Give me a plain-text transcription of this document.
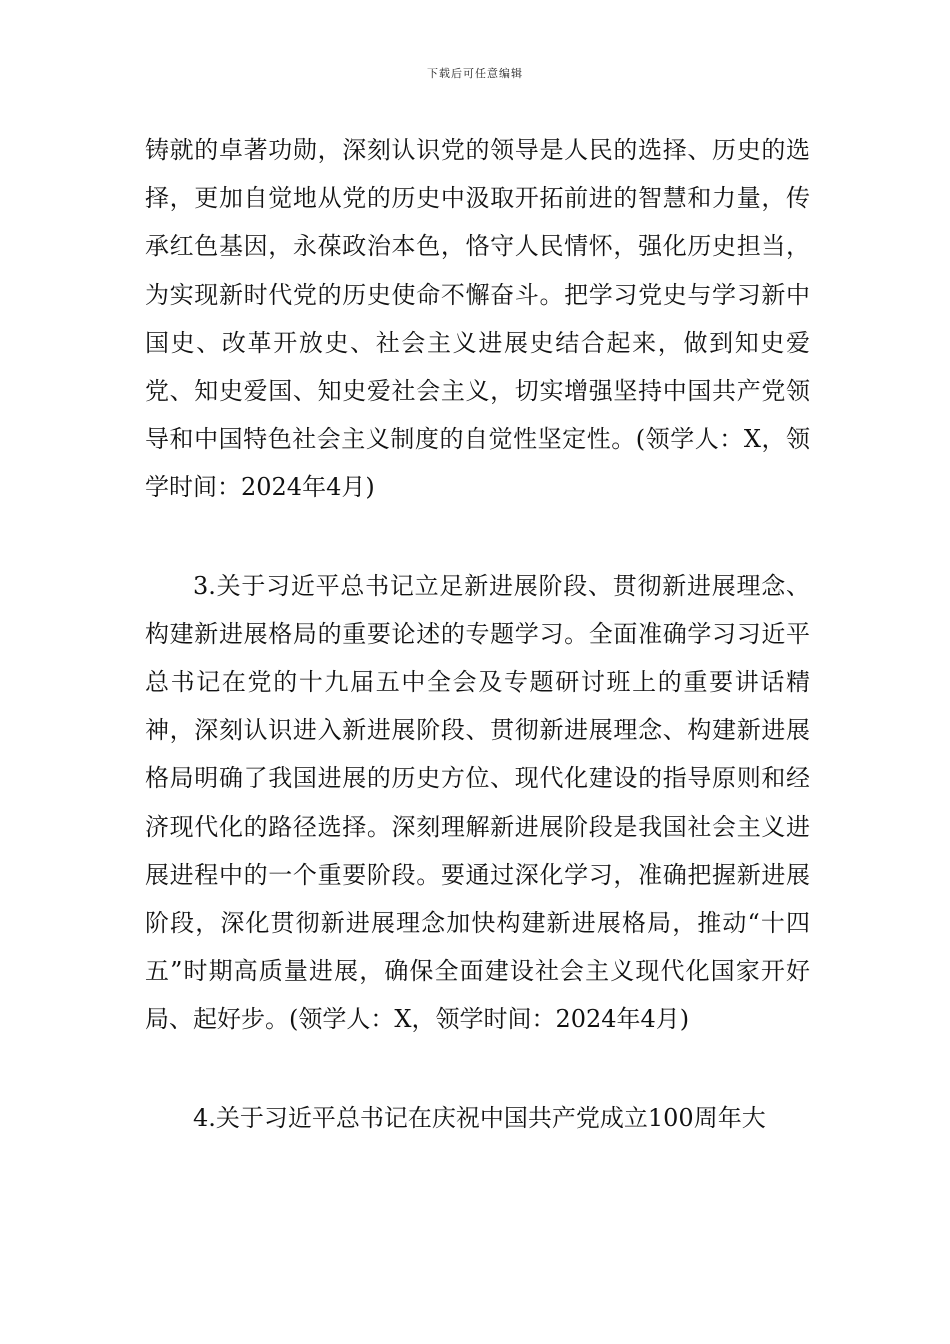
下载后可任意编辑

铸就的卓著功勋，深刻认识党的领导是人民的选择、历史的选择，更加自觉地从党的历史中汲取开拓前进的智慧和力量，传承红色基因，永葆政治本色，恪守人民情怀，强化历史担当，为实现新时代党的历史使命不懈奋斗。把学习党史与学习新中国史、改革开放史、社会主义进展史结合起来，做到知史爱党、知史爱国、知史爱社会主义，切实增强坚持中国共产党领导和中国特色社会主义制度的自觉性坚定性。(领学人：X，领学时间：2024年4月)

3.关于习近平总书记立足新进展阶段、贯彻新进展理念、构建新进展格局的重要论述的专题学习。全面准确学习习近平总书记在党的十九届五中全会及专题研讨班上的重要讲话精神，深刻认识进入新进展阶段、贯彻新进展理念、构建新进展格局明确了我国进展的历史方位、现代化建设的指导原则和经济现代化的路径选择。深刻理解新进展阶段是我国社会主义进展进程中的一个重要阶段。要通过深化学习，准确把握新进展阶段，深化贯彻新进展理念加快构建新进展格局，推动“十四五”时期高质量进展，确保全面建设社会主义现代化国家开好局、起好步。(领学人：X，领学时间：2024年4月)

4.关于习近平总书记在庆祝中国共产党成立100周年大
